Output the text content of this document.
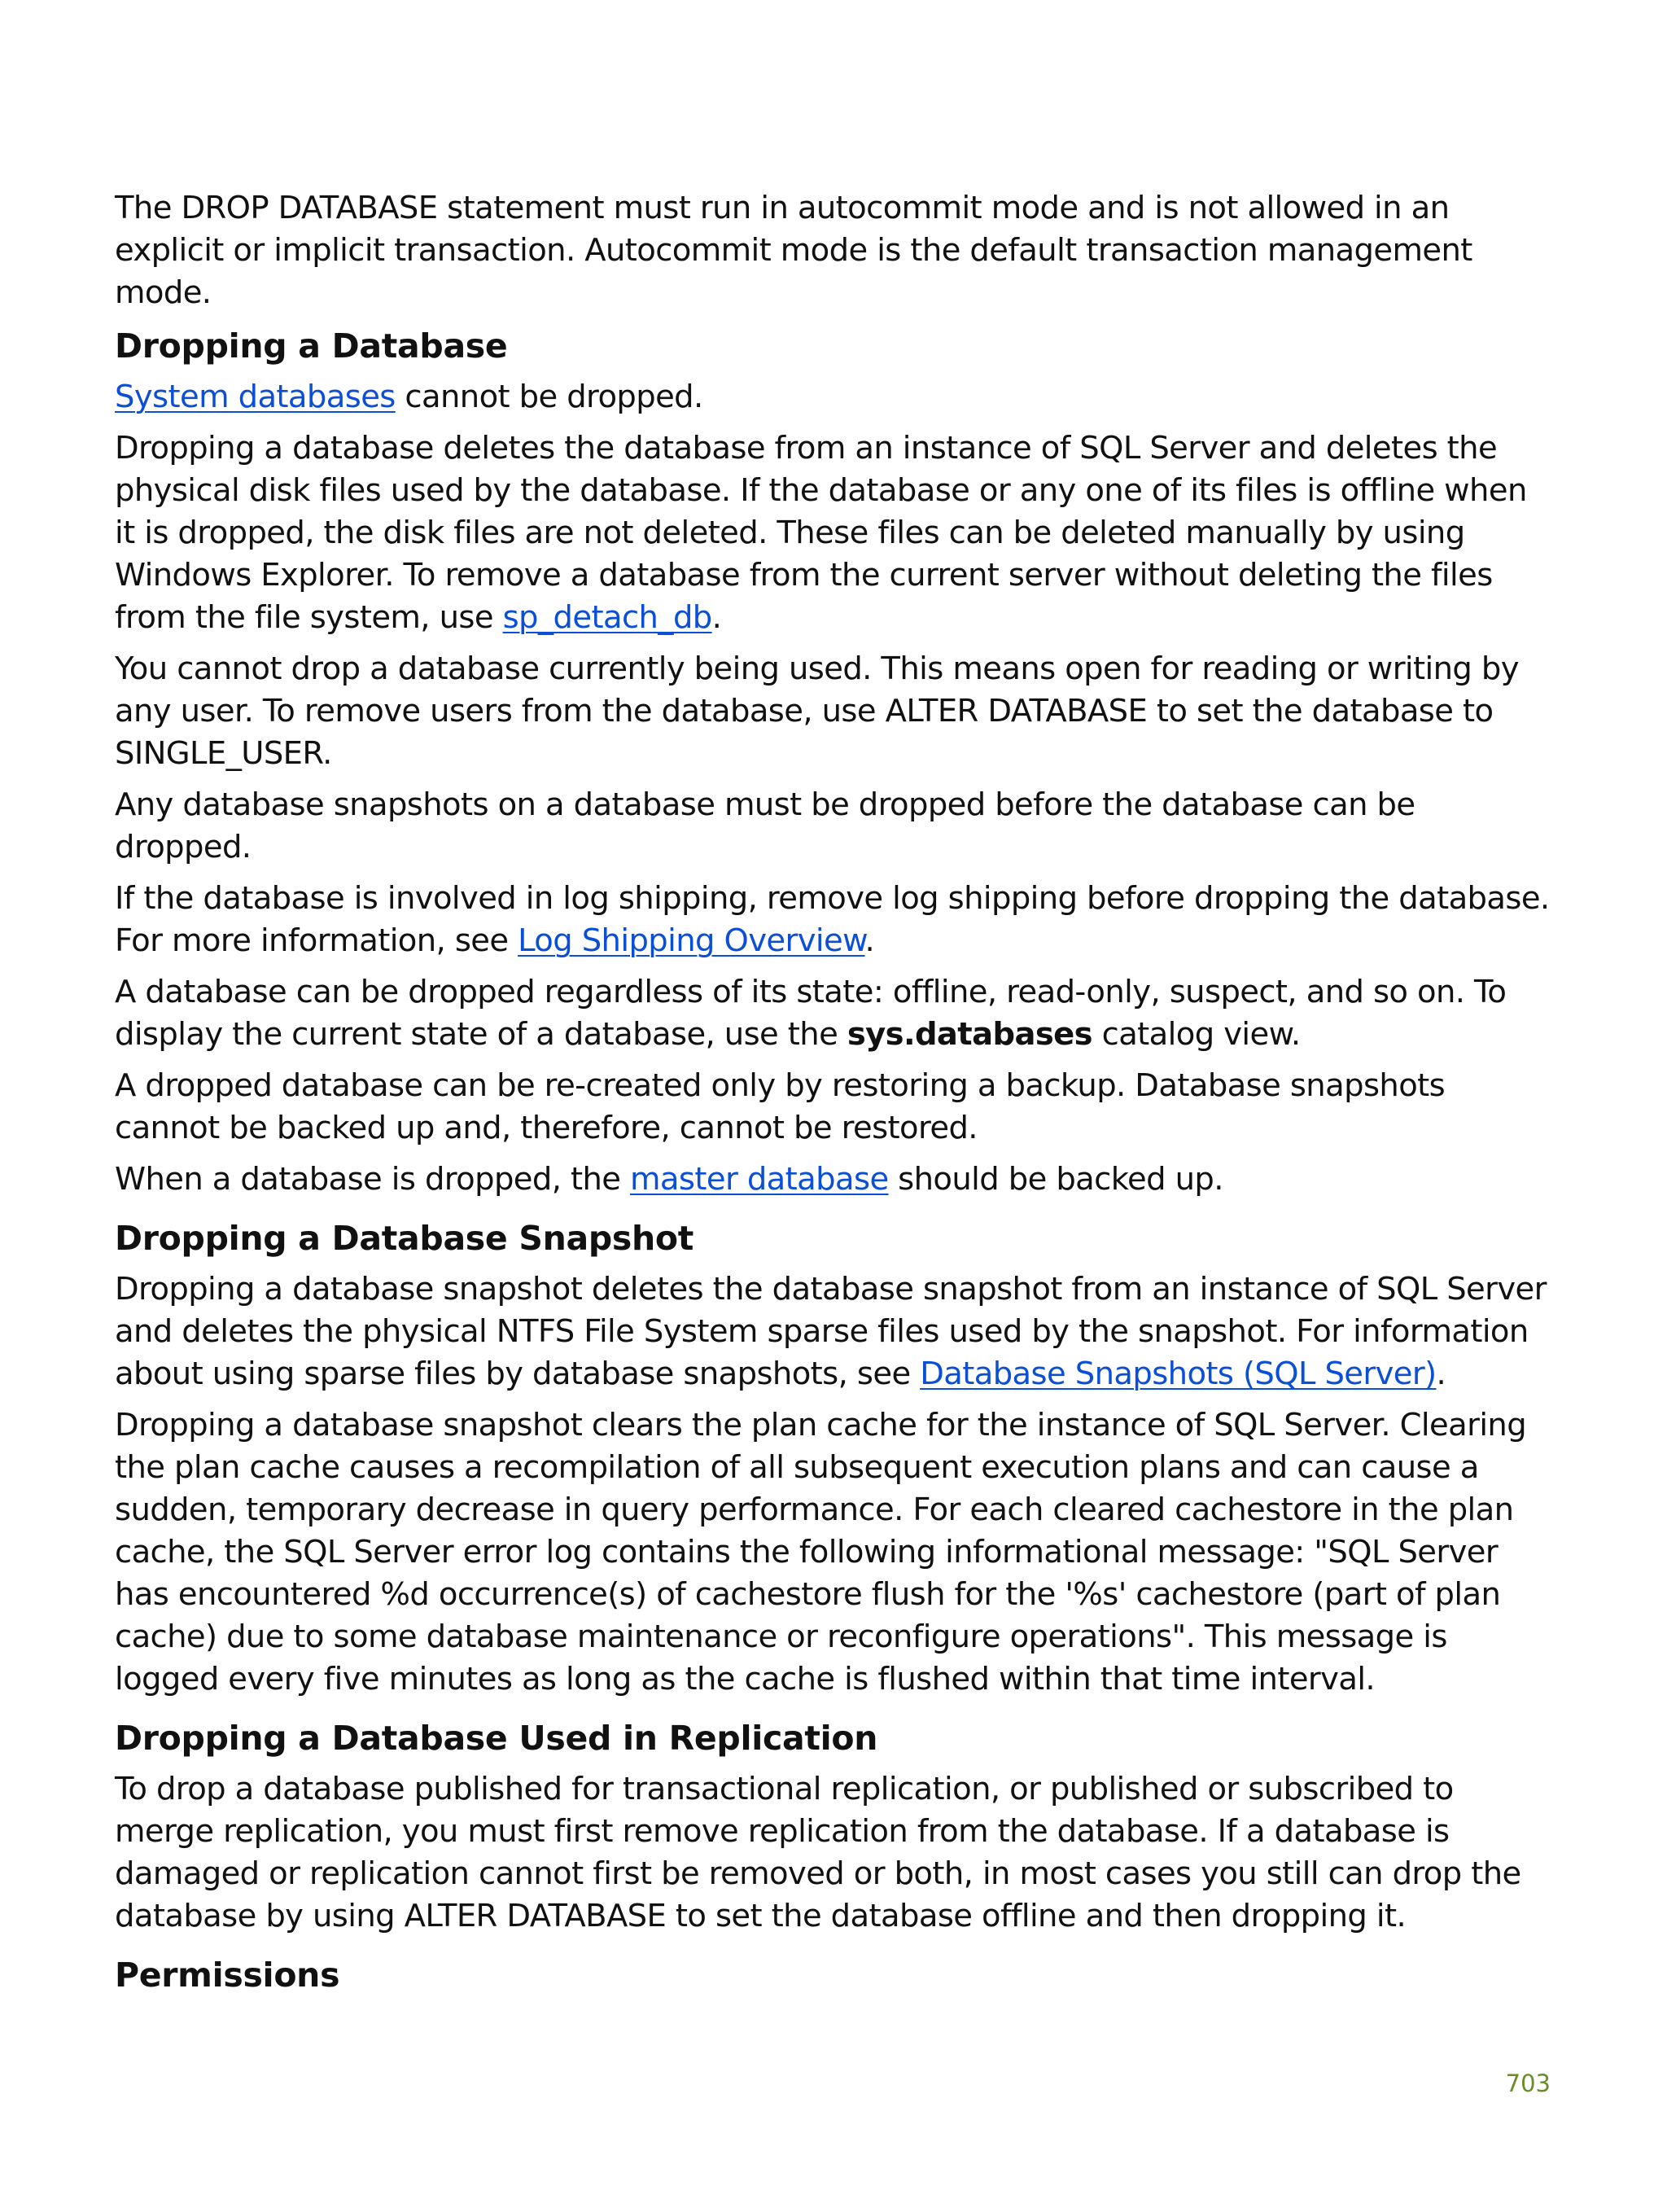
The DROP DATABASE statement must run in autocommit mode and is not allowed in an explicit or implicit transaction. Autocommit mode is the default transaction management mode.

Dropping a Database

System databases cannot be dropped.

Dropping a database deletes the database from an instance of SQL Server and deletes the physical disk files used by the database. If the database or any one of its files is offline when it is dropped, the disk files are not deleted. These files can be deleted manually by using Windows Explorer. To remove a database from the current server without deleting the files from the file system, use sp_detach_db.

You cannot drop a database currently being used. This means open for reading or writing by any user. To remove users from the database, use ALTER DATABASE to set the database to SINGLE_USER.

Any database snapshots on a database must be dropped before the database can be dropped.

If the database is involved in log shipping, remove log shipping before dropping the database. For more information, see Log Shipping Overview.

A database can be dropped regardless of its state: offline, read-only, suspect, and so on. To display the current state of a database, use the sys.databases catalog view.

A dropped database can be re-created only by restoring a backup. Database snapshots cannot be backed up and, therefore, cannot be restored.

When a database is dropped, the master database should be backed up.

Dropping a Database Snapshot

Dropping a database snapshot deletes the database snapshot from an instance of SQL Server and deletes the physical NTFS File System sparse files used by the snapshot. For information about using sparse files by database snapshots, see Database Snapshots (SQL Server).

Dropping a database snapshot clears the plan cache for the instance of SQL Server. Clearing the plan cache causes a recompilation of all subsequent execution plans and can cause a sudden, temporary decrease in query performance. For each cleared cachestore in the plan cache, the SQL Server error log contains the following informational message: "SQL Server has encountered %d occurrence(s) of cachestore flush for the '%s' cachestore (part of plan cache) due to some database maintenance or reconfigure operations". This message is logged every five minutes as long as the cache is flushed within that time interval.

Dropping a Database Used in Replication

To drop a database published for transactional replication, or published or subscribed to merge replication, you must first remove replication from the database. If a database is damaged or replication cannot first be removed or both, in most cases you still can drop the database by using ALTER DATABASE to set the database offline and then dropping it.

Permissions
703
